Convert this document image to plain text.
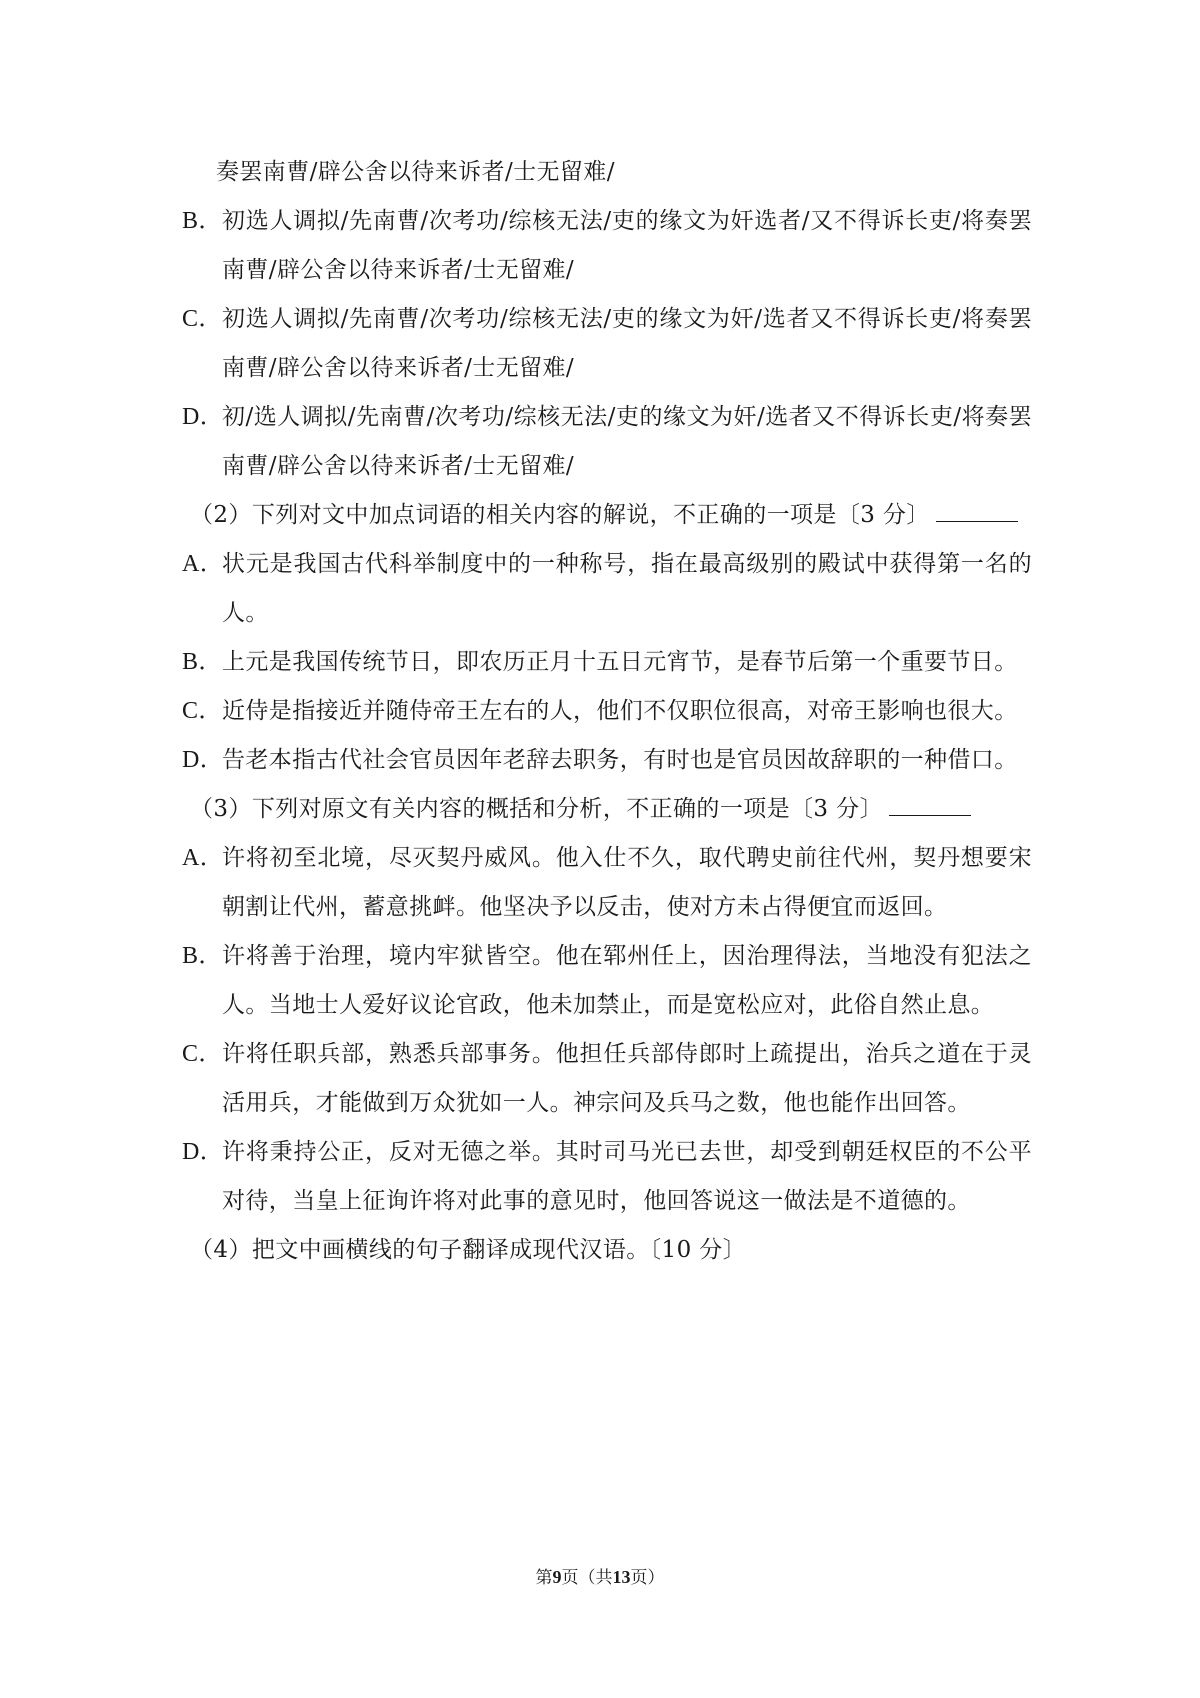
奏罢南曹/辟公舍以待来诉者/士无留难/
B． 初选人调拟/先南曹/次考功/综核无法/吏的缘文为奸选者/又不得诉长吏/将奏罢南曹/辟公舍以待来诉者/士无留难/
C． 初选人调拟/先南曹/次考功/综核无法/吏的缘文为奸/选者又不得诉长吏/将奏罢南曹/辟公舍以待来诉者/士无留难/
D．
初/选人调拟/先南曹/次考功/综核无法/吏的缘文为奸/选者又不得诉长吏/将奏罢南曹/辟公舍以待来诉者/士无留难/
（2）下列对文中加点词语的相关内容的解说，不正确的一项是〔3 分〕
A．
状元是我国古代科举制度中的一种称号，指在最高级别的殿试中获得第一名的人。
B． 上元是我国传统节日，即农历正月十五日元宵节，是春节后第一个重要节日。
C． 近侍是指接近并随侍帝王左右的人，他们不仅职位很高，对帝王影响也很大。
D．
告老本指古代社会官员因年老辞去职务，有时也是官员因故辞职的一种借口。
（3）下列对原文有关内容的概括和分析，不正确的一项是〔3 分〕
A．
许将初至北境，尽灭契丹威风。他入仕不久，取代聘史前往代州，契丹想要宋朝割让代州，蓄意挑衅。他坚决予以反击，使对方未占得便宜而返回。
B． 许将善于治理，境内牢狱皆空。他在郓州任上，因治理得法，当地没有犯法之人。当地士人爱好议论官政，他未加禁止，而是宽松应对，此俗自然止息。
C． 许将任职兵部，熟悉兵部事务。他担任兵部侍郎时上疏提出，治兵之道在于灵活用兵，才能做到万众犹如一人。神宗问及兵马之数，他也能作出回答。
D．
许将秉持公正，反对无德之举。其时司马光已去世，却受到朝廷权臣的不公平对待，当皇上征询许将对此事的意见时，他回答说这一做法是不道德的。
（4）把文中画横线的句子翻译成现代汉语。〔10 分〕
第9页（共13页）
